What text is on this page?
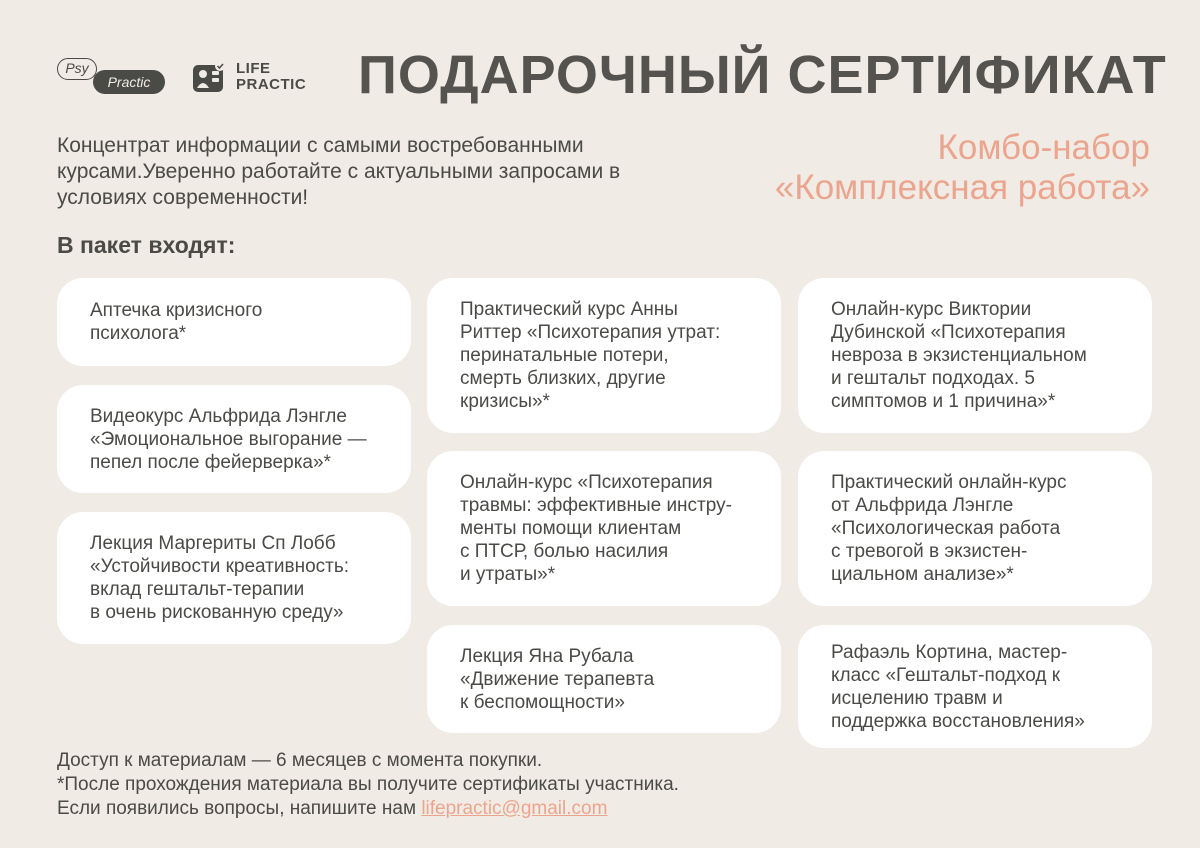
Psy
Practic
LIFE
PRACTIC ПОДАРОЧНЫЙ СЕРТИФИКАТ

Концентрат информации с самыми востребованными курсами.Уверенно работайте с актуальными запросами в условиях современности!

Комбо-набор
«Комплексная работа»
В пакет входят:
Аптечка кризисного
психолога*
Видеокурс Альфрида Лэнгле
«Эмоциональное выгорание —
пепел после фейерверка»*
Лекция Маргериты Сп Лобб
«Устойчивости креативность:
вклад гештальт-терапии
в очень рискованную среду»
Практический курс Анны
Риттер «Психотерапия утрат:
перинатальные потери,
смерть близких, другие
кризисы»*
Онлайн-курс «Психотерапия
травмы: эффективные инстру-
менты помощи клиентам
с ПТСР, болью насилия
и утраты»*
Лекция Яна Рубала
«Движение терапевта
к беспомощности»
Онлайн-курс Виктории
Дубинской «Психотерапия
невроза в экзистенциальном
и гештальт подходах. 5
симптомов и 1 причина»*
Практический онлайн-курс
от Альфрида Лэнгле
«Психологическая работа
с тревогой в экзистен-
циальном анализе»*
Рафаэль Кортина, мастер-
класс «Гештальт-подход к
исцелению травм и
поддержка восстановления»
Доступ к материалам — 6 месяцев с момента покупки.
*После прохождения материала вы получите сертификаты участника.
Если появились вопросы, напишите нам lifepractic@gmail.com
